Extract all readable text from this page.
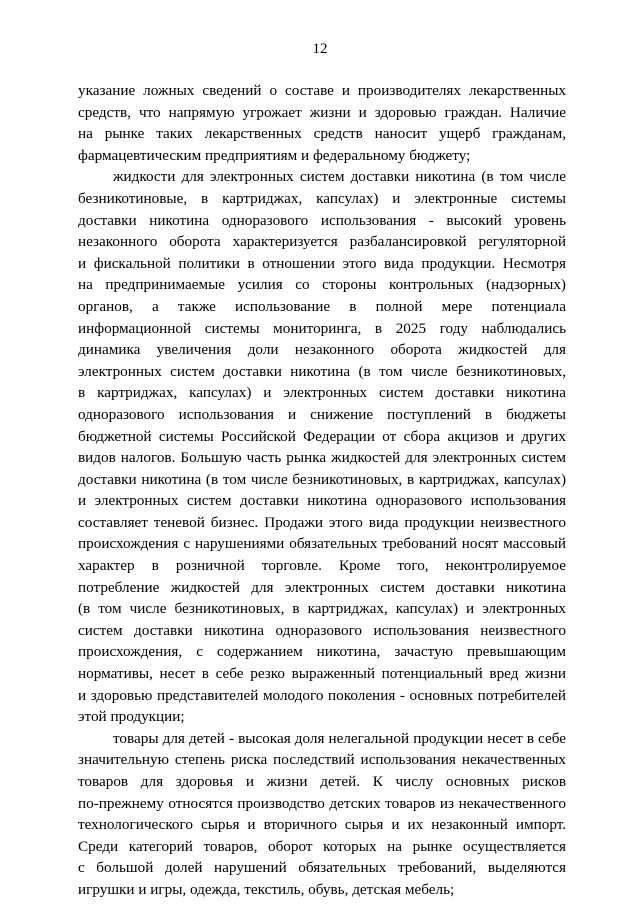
12
указание ложных сведений о составе и производителях лекарственных
средств, что напрямую угрожает жизни и здоровью граждан. Наличие
на рынке таких лекарственных средств наносит ущерб гражданам,
фармацевтическим предприятиям и федеральному бюджету;
жидкости для электронных систем доставки никотина (в том числе
безникотиновые, в картриджах, капсулах) и электронные системы
доставки никотина одноразового использования - высокий уровень
незаконного оборота характеризуется разбалансировкой регуляторной
и фискальной политики в отношении этого вида продукции. Несмотря
на предпринимаемые усилия со стороны контрольных (надзорных)
органов, а также использование в полной мере потенциала
информационной системы мониторинга, в 2025 году наблюдались
динамика увеличения доли незаконного оборота жидкостей для
электронных систем доставки никотина (в том числе безникотиновых,
в картриджах, капсулах) и электронных систем доставки никотина
одноразового использования и снижение поступлений в бюджеты
бюджетной системы Российской Федерации от сбора акцизов и других
видов налогов. Большую часть рынка жидкостей для электронных систем
доставки никотина (в том числе безникотиновых, в картриджах, капсулах)
и электронных систем доставки никотина одноразового использования
составляет теневой бизнес. Продажи этого вида продукции неизвестного
происхождения с нарушениями обязательных требований носят массовый
характер в розничной торговле. Кроме того, неконтролируемое
потребление жидкостей для электронных систем доставки никотина
(в том числе безникотиновых, в картриджах, капсулах) и электронных
систем доставки никотина одноразового использования неизвестного
происхождения, с содержанием никотина, зачастую превышающим
нормативы, несет в себе резко выраженный потенциальный вред жизни
и здоровью представителей молодого поколения - основных потребителей
этой продукции;
товары для детей - высокая доля нелегальной продукции несет в себе
значительную степень риска последствий использования некачественных
товаров для здоровья и жизни детей. К числу основных рисков
по-прежнему относятся производство детских товаров из некачественного
технологического сырья и вторичного сырья и их незаконный импорт.
Среди категорий товаров, оборот которых на рынке осуществляется
с большой долей нарушений обязательных требований, выделяются
игрушки и игры, одежда, текстиль, обувь, детская мебель;
